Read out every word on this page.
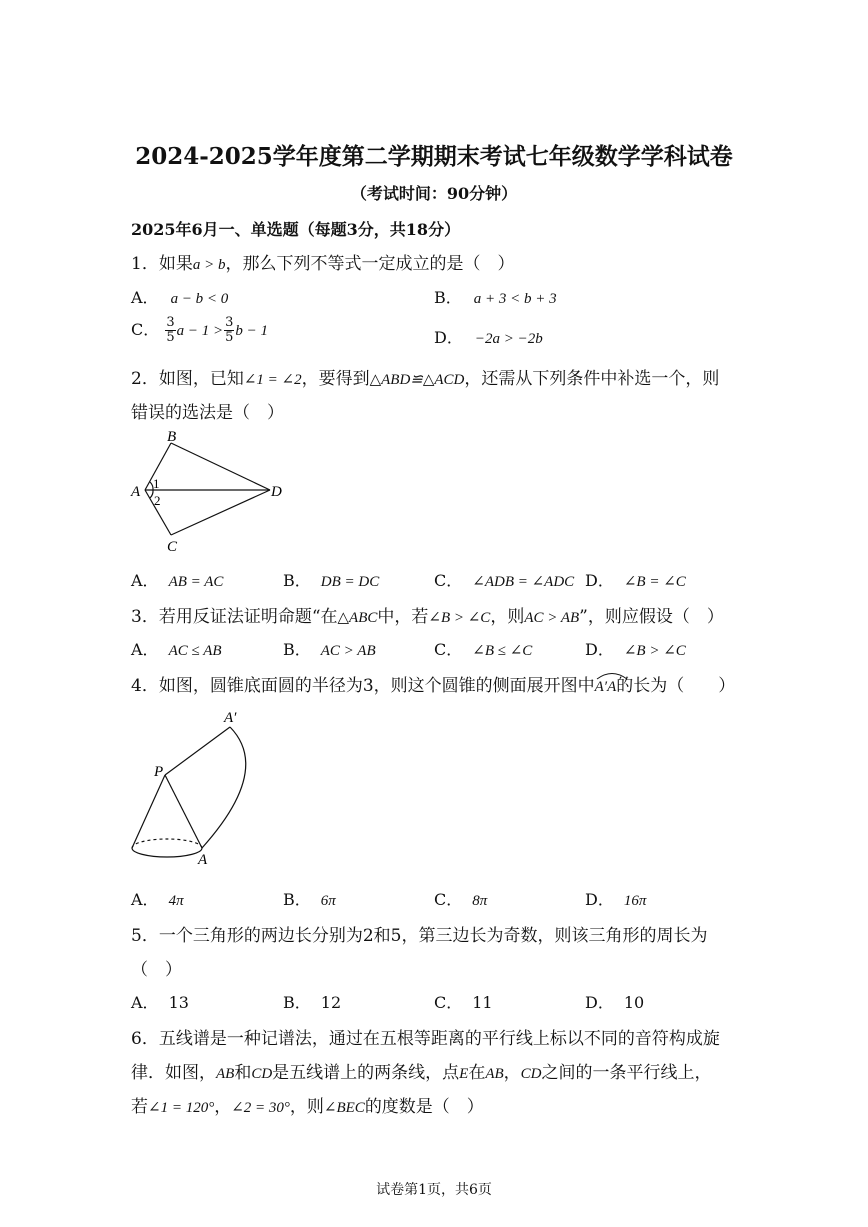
2024-2025学年度第二学期期末考试七年级数学学科试卷
（考试时间：90分钟）
2025年6月一、单选题（每题3分，共18分）
1．如果a > b，那么下列不等式一定成立的是（　）
A． a − b < 0	B． a + 3 < b + 3
C． $\frac{3}{5}$ $a - 1 > \frac{3}{5}$ b − 1	D． −2a > −2b
2．如图，已知∠1 = ∠2，要得到△ABD≌△ACD，还需从下列条件中补选一个，则
错误的选法是（　）
B
A	D
C
1
2
A． AB = AC	B． DB = DC	C． ∠ADB = ∠ADC D． ∠B = ∠C
3．若用反证法证明命题“在△ABC中，若∠B > ∠C，则AC > AB”，则应假设（　）
A． AC ≤ AB	B． AC > AB	C． ∠B ≤ ∠C	D． ∠B > ∠C
4．如图，圆锥底面圆的半径为3，则这个圆锥的侧面展开图中
A′A的长为（　　）
A′
P
A
A． 4π	B． 6π	C． 8π	D． 16π
5．一个三角形的两边长分别为2和5，第三边长为奇数，则该三角形的周长为
（　）
A． 13	B． 12	C． 11	D． 10
6．五线谱是一种记谱法，通过在五根等距离的平行线上标以不同的音符构成旋
律．如图，AB和CD是五线谱上的两条线，点E在AB，CD之间的一条平行线上，
若∠1 = 120°，∠2 = 30°，则∠BEC的度数是（　）
试卷第1页，共6页
